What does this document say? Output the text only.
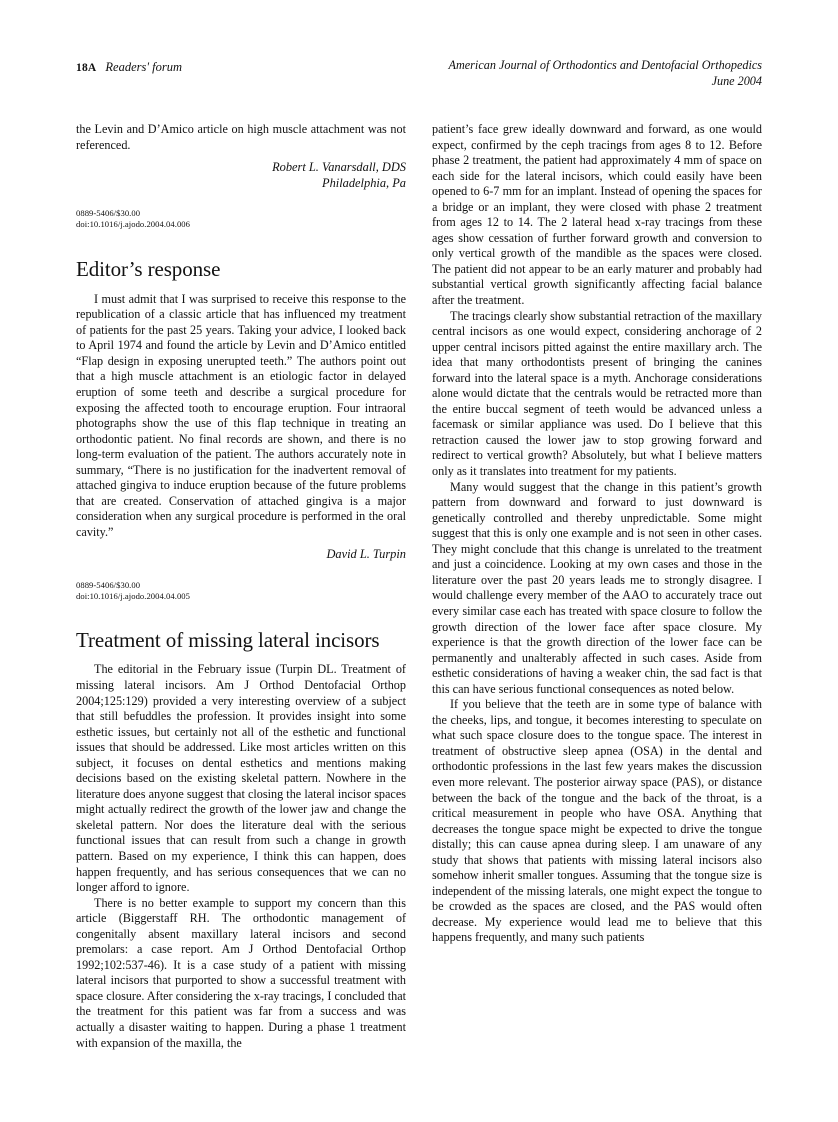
18A Readers' forum	American Journal of Orthodontics and Dentofacial Orthopedics
June 2004

the Levin and D’Amico article on high muscle attachment was not referenced.

Robert L. Vanarsdall, DDS
Philadelphia, Pa

0889-5406/$30.00
doi:10.1016/j.ajodo.2004.04.006

Editor’s response

I must admit that I was surprised to receive this response to the republication of a classic article that has influenced my treatment of patients for the past 25 years. Taking your advice, I looked back to April 1974 and found the article by Levin and D’Amico entitled “Flap design in exposing unerupted teeth.” The authors point out that a high muscle attachment is an etiologic factor in delayed eruption of some teeth and describe a surgical procedure for exposing the affected tooth to encourage eruption. Four intraoral photographs show the use of this flap technique in treating an orthodontic patient. No final records are shown, and there is no long-term evaluation of the patient. The authors accurately note in summary, “There is no justification for the inadvertent removal of attached gingiva to induce eruption because of the future problems that are created. Conservation of attached gingiva is a major consideration when any surgical procedure is performed in the oral cavity.”

David L. Turpin

0889-5406/$30.00
doi:10.1016/j.ajodo.2004.04.005

Treatment of missing lateral incisors

The editorial in the February issue (Turpin DL. Treatment of missing lateral incisors. Am J Orthod Dentofacial Orthop 2004;125:129) provided a very interesting overview of a subject that still befuddles the profession. It provides insight into some esthetic issues, but certainly not all of the esthetic and functional issues that should be addressed. Like most articles written on this subject, it focuses on dental esthetics and mentions making decisions based on the existing skeletal pattern. Nowhere in the literature does anyone suggest that closing the lateral incisor spaces might actually redirect the growth of the lower jaw and change the skeletal pattern. Nor does the literature deal with the serious functional issues that can result from such a change in growth pattern. Based on my experience, I think this can happen, does happen frequently, and has serious consequences that we can no longer afford to ignore.

There is no better example to support my concern than this article (Biggerstaff RH. The orthodontic management of congenitally absent maxillary lateral incisors and second premolars: a case report. Am J Orthod Dentofacial Orthop 1992;102:537-46). It is a case study of a patient with missing lateral incisors that purported to show a successful treatment with space closure. After considering the x-ray tracings, I concluded that the treatment for this patient was far from a success and was actually a disaster waiting to happen. During a phase 1 treatment with expansion of the maxilla, the

patient’s face grew ideally downward and forward, as one would expect, confirmed by the ceph tracings from ages 8 to 12. Before phase 2 treatment, the patient had approximately 4 mm of space on each side for the lateral incisors, which could easily have been opened to 6-7 mm for an implant. Instead of opening the spaces for a bridge or an implant, they were closed with phase 2 treatment from ages 12 to 14. The 2 lateral head x-ray tracings from these ages show cessation of further forward growth and conversion to only vertical growth of the mandible as the spaces were closed. The patient did not appear to be an early maturer and probably had substantial vertical growth significantly affecting facial balance after the treatment.

The tracings clearly show substantial retraction of the maxillary central incisors as one would expect, considering anchorage of 2 upper central incisors pitted against the entire maxillary arch. The idea that many orthodontists present of bringing the canines forward into the lateral space is a myth. Anchorage considerations alone would dictate that the centrals would be retracted more than the entire buccal segment of teeth would be advanced unless a facemask or similar appliance was used. Do I believe that this retraction caused the lower jaw to stop growing forward and redirect to vertical growth? Absolutely, but what I believe matters only as it translates into treatment for my patients.

Many would suggest that the change in this patient’s growth pattern from downward and forward to just downward is genetically controlled and thereby unpredictable. Some might suggest that this is only one example and is not seen in other cases. They might conclude that this change is unrelated to the treatment and just a coincidence. Looking at my own cases and those in the literature over the past 20 years leads me to strongly disagree. I would challenge every member of the AAO to accurately trace out every similar case each has treated with space closure to follow the growth direction of the lower face after space closure. My experience is that the growth direction of the lower face can be permanently and unalterably affected in such cases. Aside from esthetic considerations of having a weaker chin, the sad fact is that this can have serious functional consequences as noted below.

If you believe that the teeth are in some type of balance with the cheeks, lips, and tongue, it becomes interesting to speculate on what such space closure does to the tongue space. The interest in treatment of obstructive sleep apnea (OSA) in the dental and orthodontic professions in the last few years makes the discussion even more relevant. The posterior airway space (PAS), or distance between the back of the tongue and the back of the throat, is a critical measurement in people who have OSA. Anything that decreases the tongue space might be expected to drive the tongue distally; this can cause apnea during sleep. I am unaware of any study that shows that patients with missing lateral incisors also somehow inherit smaller tongues. Assuming that the tongue size is independent of the missing laterals, one might expect the tongue to be crowded as the spaces are closed, and the PAS would often decrease. My experience would lead me to believe that this happens frequently, and many such patients
